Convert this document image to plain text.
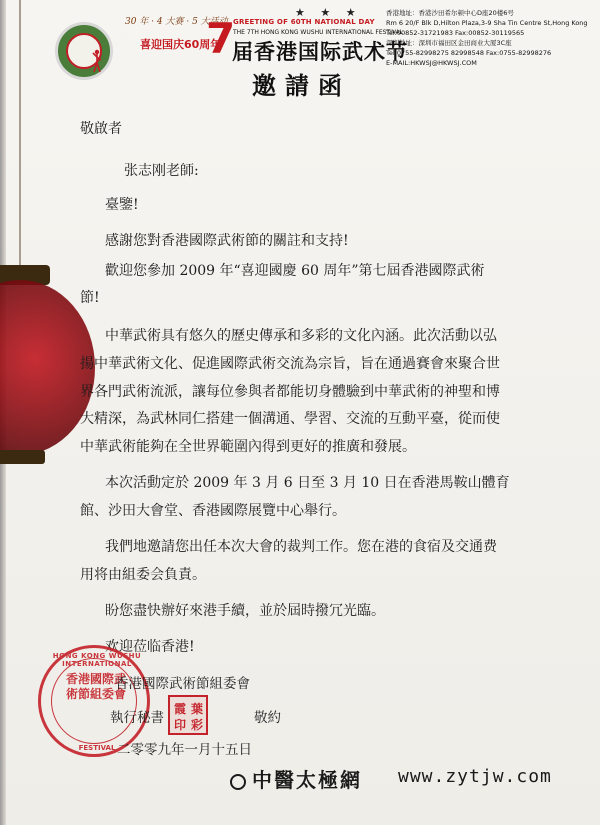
30 年 · 4 大赛 · 5 大活动
喜迎国庆60周年
★ ★ ★
7
GREETING OF 60TH NATIONAL DAY
THE 7TH HONG KONG WUSHU INTERNATIONAL FESTIVAL
届香港国际武术节
邀請函
香港地址：香港沙田希尔顿中心D座20楼6号
Rm 6 20/F Blk D,Hilton Plaza,3-9 Sha Tin Centre St,Hong Kong
Tel:00852-31721983 Fax:00852-30119565
深圳地址：深圳市福田区金田商业大厦3C座
Tel:0755-82998275 82998548 Fax:0755-82998276
E-MAIL:HKWSJ@HKWSJ.COM
敬啟者
张志刚老師:
臺鑒!
感謝您對香港國際武術節的關註和支持!
歡迎您參加 2009 年“喜迎國慶 60 周年”第七屆香港國際武術
節!
中華武術具有悠久的歷史傳承和多彩的文化內涵。此次活動以弘
揚中華武術文化、促進國際武術交流為宗旨，旨在通過賽會來聚合世
界各門武術流派，讓每位參與者都能切身體驗到中華武術的神聖和博
大精深，為武林同仁搭建一個溝通、學習、交流的互動平臺，從而使
中華武術能夠在全世界範圍內得到更好的推廣和發展。
本次活動定於 2009 年 3 月 6 日至 3 月 10 日在香港馬鞍山體育
館、沙田大會堂、香港國際展覽中心舉行。
我們地邀請您出任本次大會的裁判工作。您在港的食宿及交通费
用将由組委会負責。
盼您盡快辦好來港手續，並於屆時撥冗光臨。
欢迎莅临香港!
HONG KONG WUSHU INTERNATIONAL
香港國際武術節組委會
FESTIVAL
香港國際武術節組委會
執行秘書
葉
霞
彩
印	敬約
二零零九年一月十五日
中醫太極網 www.zytjw.com
